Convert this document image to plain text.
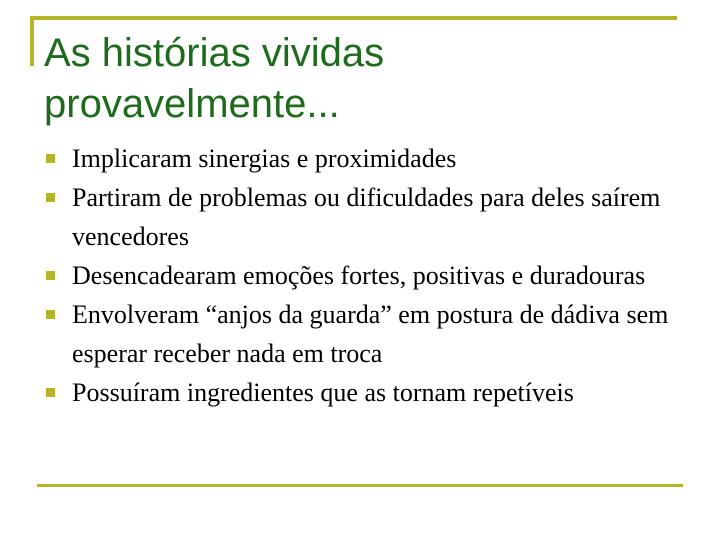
As histórias vividas
provavelmente...
Implicaram sinergias e proximidades
Partiram de problemas ou dificuldades para deles saírem vencedores
Desencadearam emoções fortes, positivas e duradouras
Envolveram “anjos da guarda” em postura de dádiva sem esperar receber nada em troca
Possuíram ingredientes que as tornam repetíveis
